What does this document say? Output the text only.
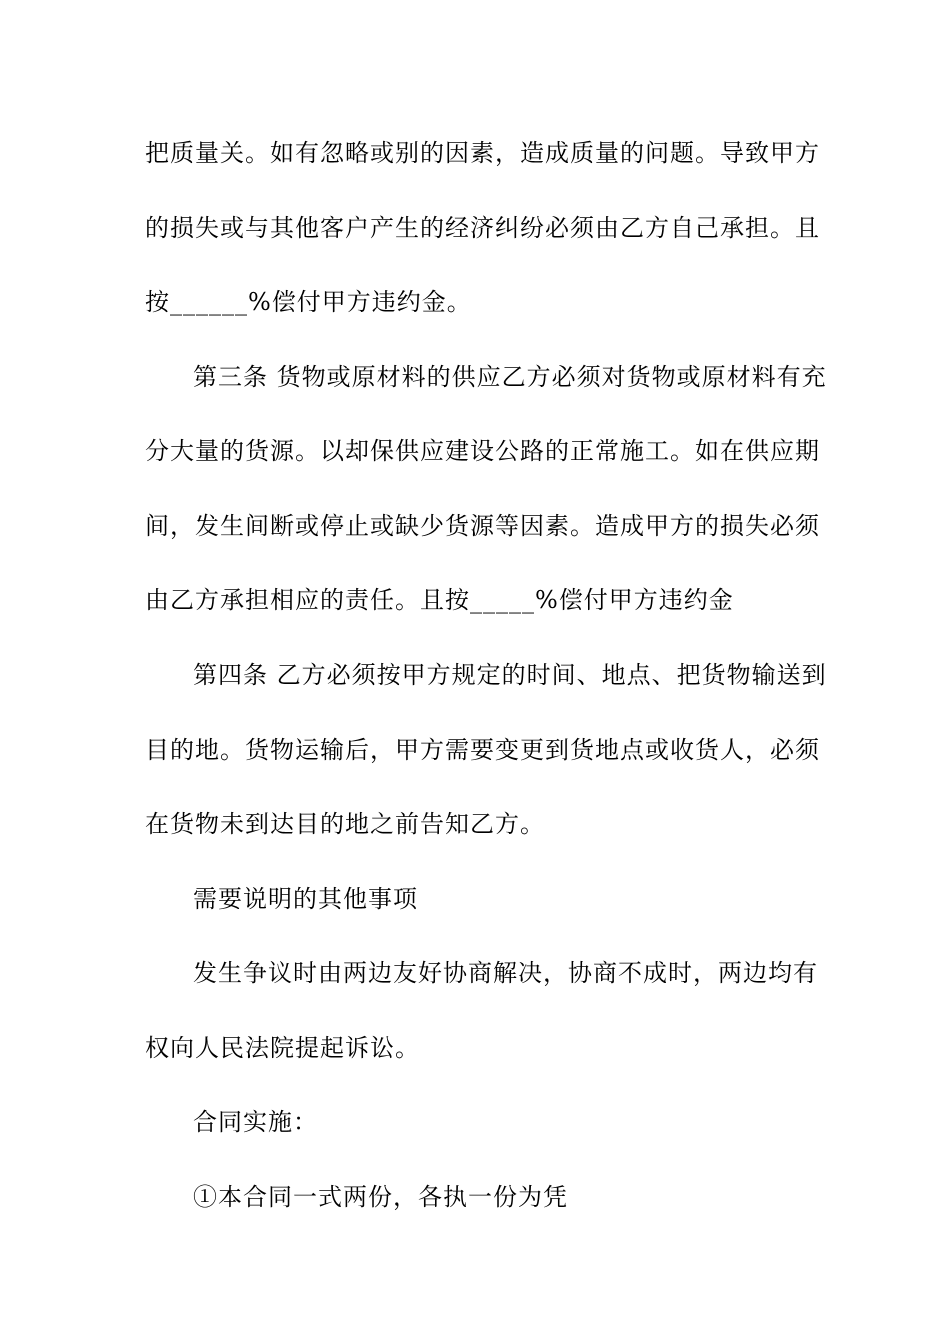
把质量关。如有忽略或别的因素，造成质量的问题。导致甲方
的损失或与其他客户产生的经济纠纷必须由乙方自己承担。且
按______%偿付甲方违约金。
第三条 货物或原材料的供应乙方必须对货物或原材料有充
分大量的货源。以却保供应建设公路的正常施工。如在供应期
间，发生间断或停止或缺少货源等因素。造成甲方的损失必须
由乙方承担相应的责任。且按_____%偿付甲方违约金
第四条 乙方必须按甲方规定的时间、地点、把货物输送到
目的地。货物运输后，甲方需要变更到货地点或收货人，必须
在货物未到达目的地之前告知乙方。
需要说明的其他事项
发生争议时由两边友好协商解决，协商不成时，两边均有
权向人民法院提起诉讼。
合同实施：
①本合同一式两份，各执一份为凭
